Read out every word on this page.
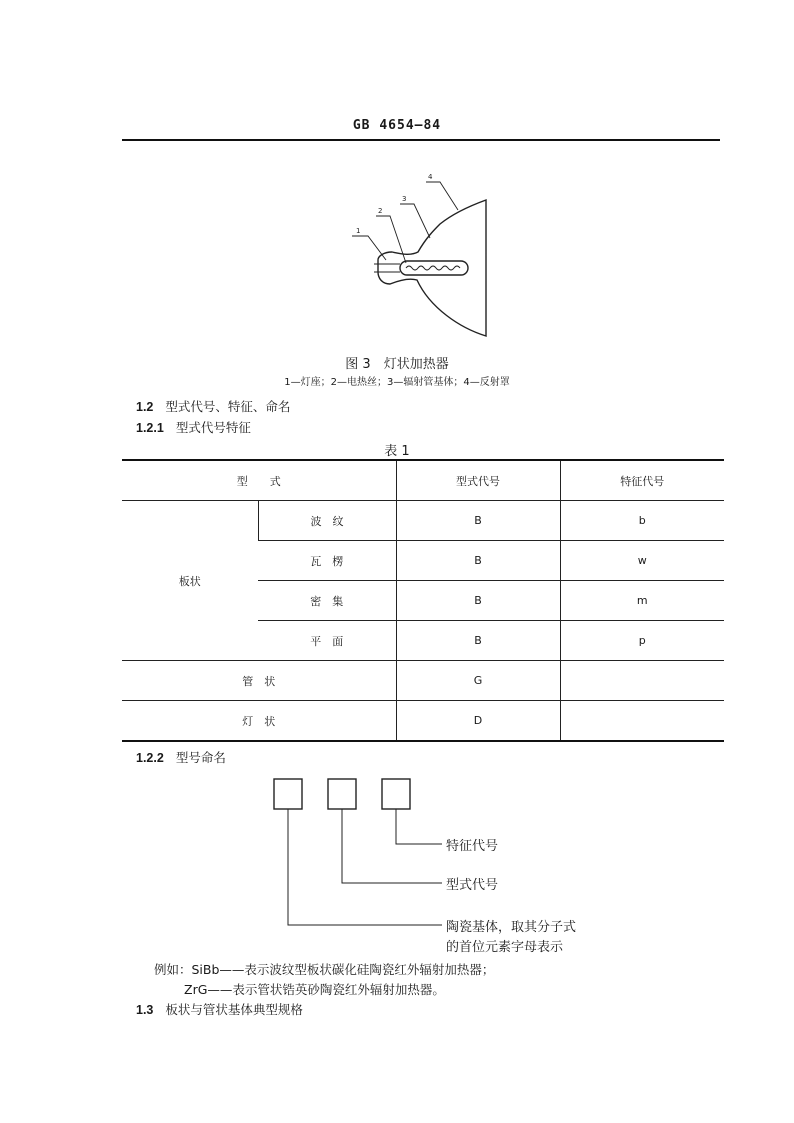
GB 4654—84
1
2
3
4
图 3　灯状加热器
1—灯座；2—电热丝；3—辐射管基体；4—反射罩
1.2 型式代号、特征、命名
1.2.1 型式代号特征
表 1
型　　式		型式代号	特征代号
板状	波　纹	B	b
	瓦　楞	B	w
	密　集	B	m
	平　面	B	p
管　状		G	
灯　状		D	
1.2.2 型号命名
特征代号
型式代号
陶瓷基体，取其分子式
的首位元素字母表示
例如：SiBb——表示波纹型板状碳化硅陶瓷红外辐射加热器；
ZrG——表示管状锆英砂陶瓷红外辐射加热器。
1.3 板状与管状基体典型规格
